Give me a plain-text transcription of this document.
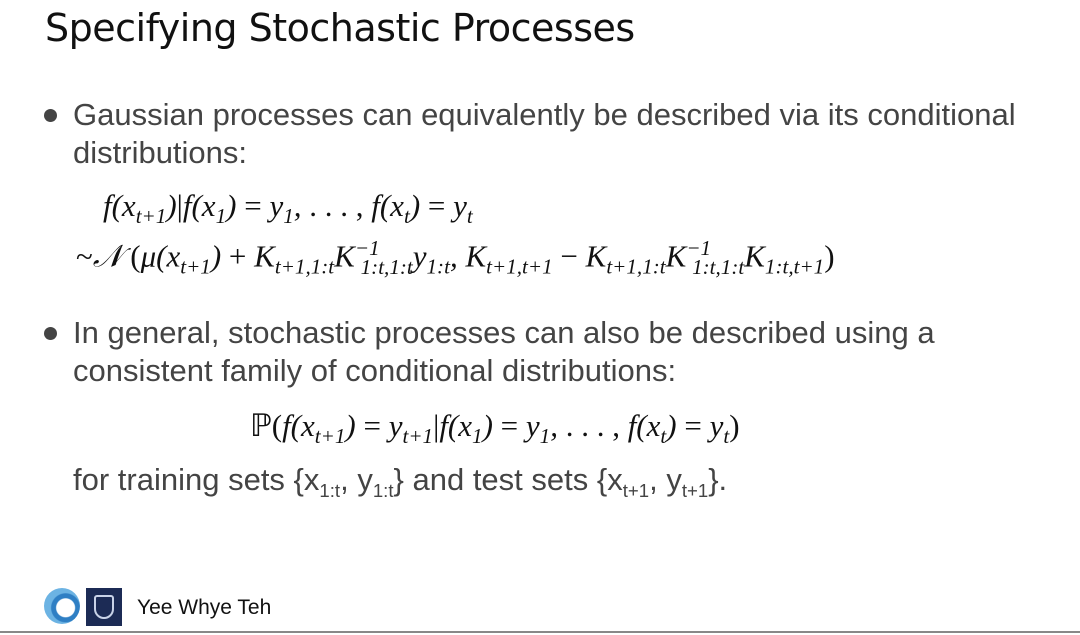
Specifying Stochastic Processes
Gaussian processes can equivalently be described via its conditional distributions:
$f(x_{t+1})|f(x_1) = y_1$, . . . , $f(x_t) = y_t$
~𝒩 ($\mu(x_{t+1}) + K_{t+1,1:t}K^{-1}_{1:t,1:t}y_{1:t}$, $K_{t+1,t+1} - K_{t+1,1:t}K^{-1}_{1:t,1:t}K_{1:t,t+1}$)
In general, stochastic processes can also be described using a consistent family of conditional distributions:
$ℙ(f(x_{t+1}) = y_{t+1}|f(x_1) = y_1$, . . . , $f(x_t) = y_t$)
for training sets {$x_{1:t}$, $y_{1:t}$} and test sets {$x_{t+1}$, $y_{t+1}$}.
Yee Whye Teh
